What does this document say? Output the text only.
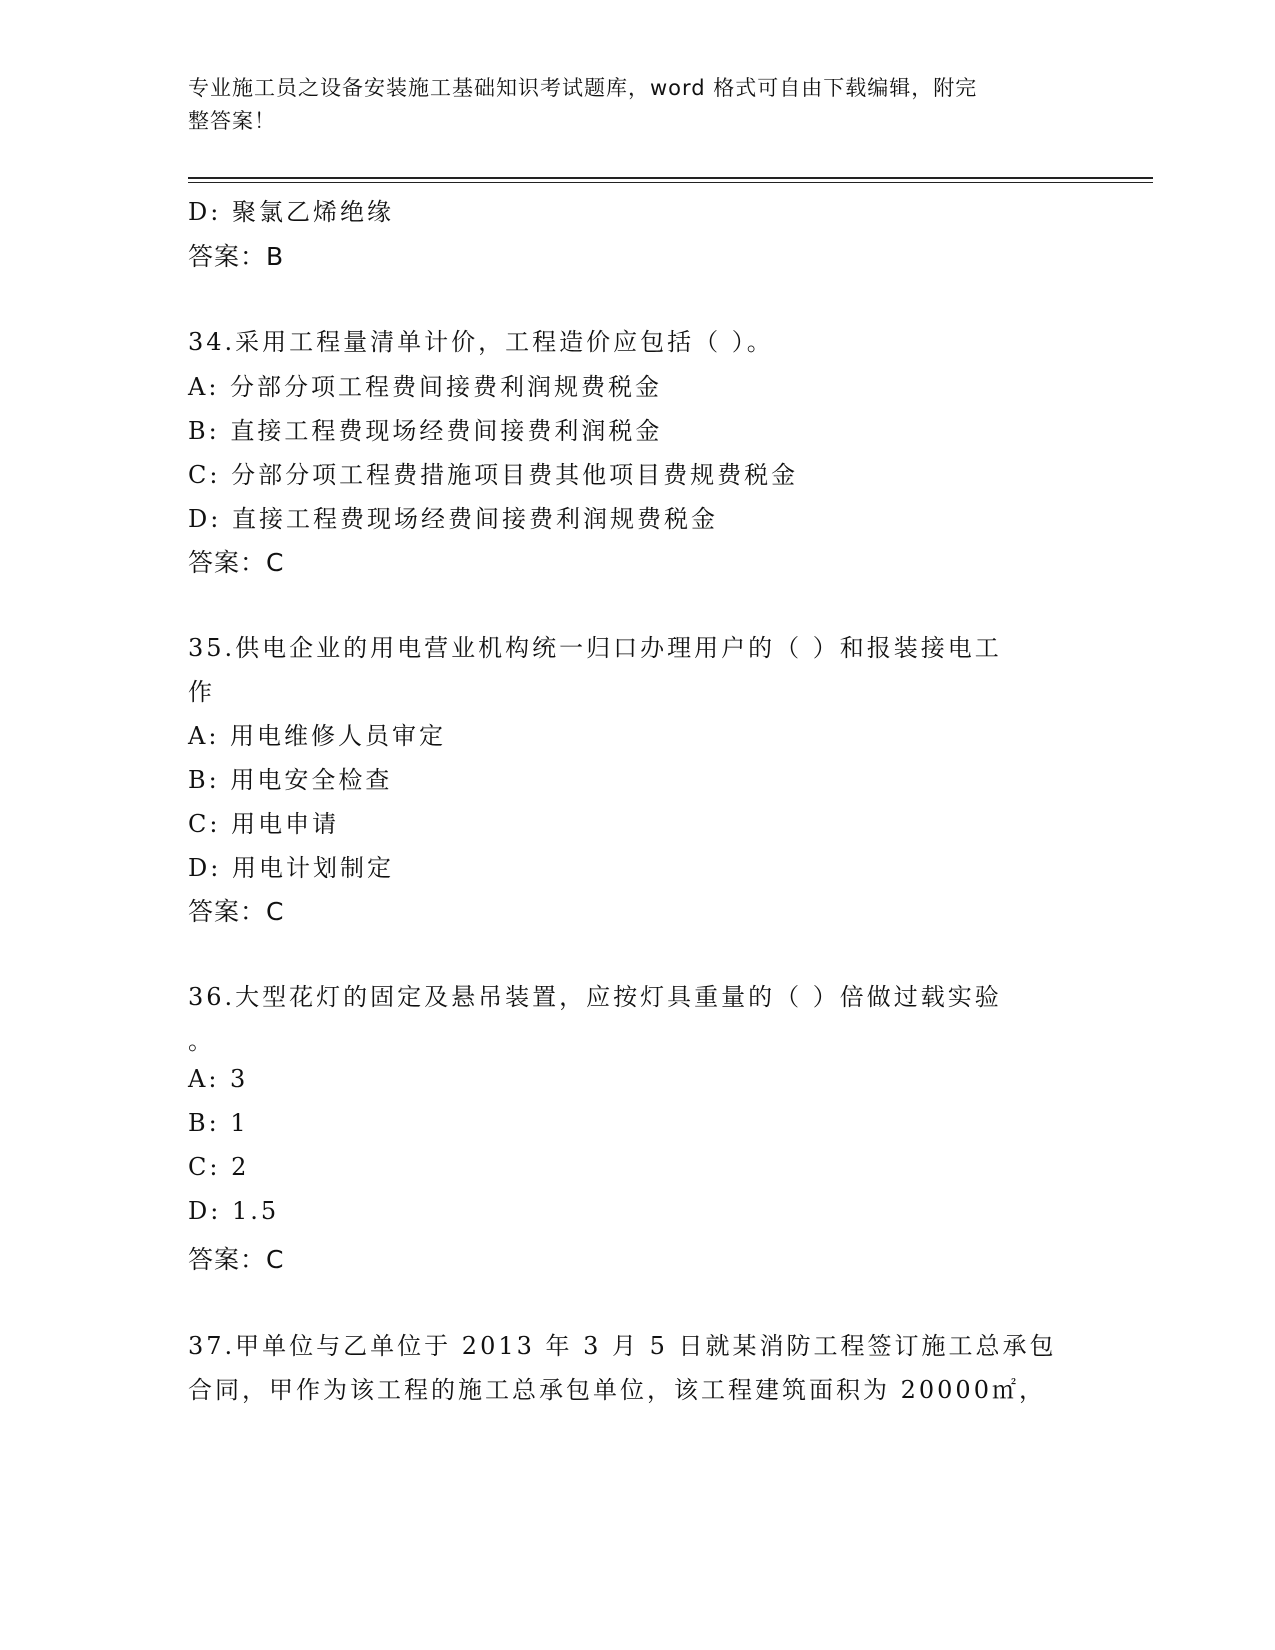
专业施工员之设备安装施工基础知识考试题库，word 格式可自由下载编辑，附完
整答案！
D: 聚氯乙烯绝缘
答案：B
34.采用工程量清单计价，工程造价应包括（ ）。
A: 分部分项工程费间接费利润规费税金
B: 直接工程费现场经费间接费利润税金
C: 分部分项工程费措施项目费其他项目费规费税金
D: 直接工程费现场经费间接费利润规费税金
答案：C
35.供电企业的用电营业机构统一归口办理用户的（ ）和报装接电工
作
A: 用电维修人员审定
B: 用电安全检查
C: 用电申请
D: 用电计划制定
答案：C
36.大型花灯的固定及悬吊装置，应按灯具重量的（ ）倍做过载实验
。
A: 3
B: 1
C: 2
D: 1.5
答案：C
37.甲单位与乙单位于 2013 年 3 月 5 日就某消防工程签订施工总承包
合同，甲作为该工程的施工总承包单位，该工程建筑面积为 20000㎡，
